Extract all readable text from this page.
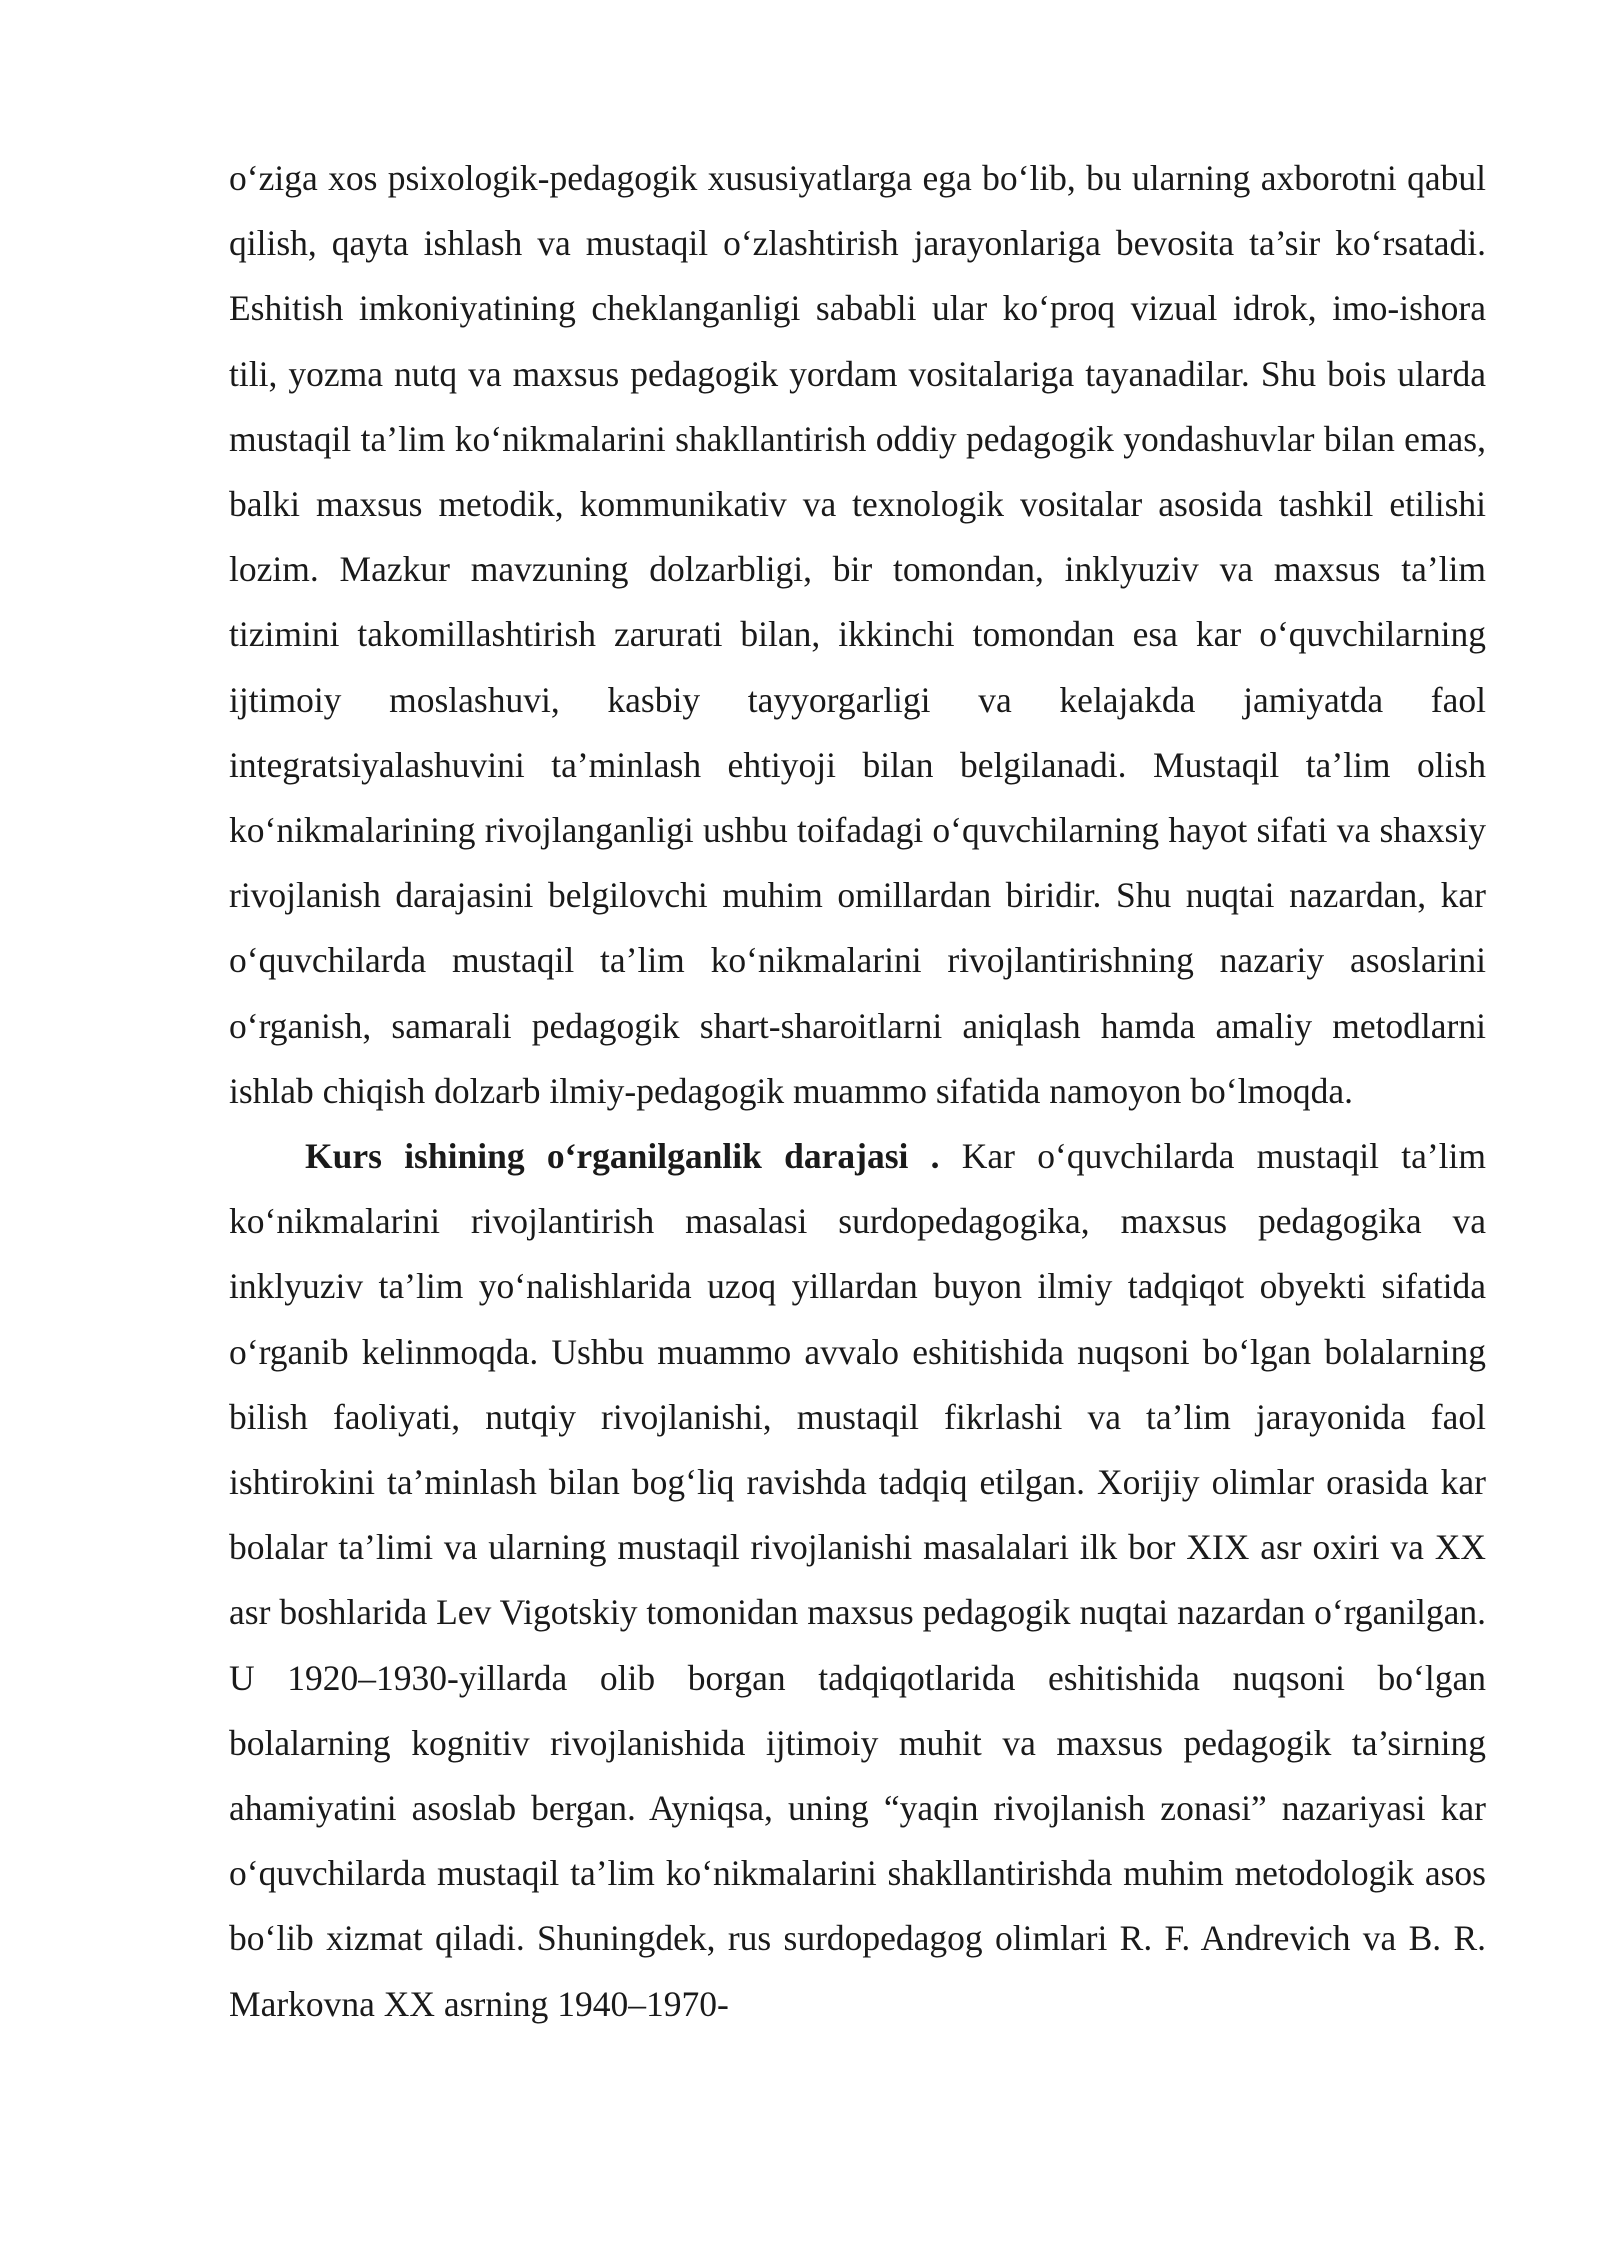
o‘ziga xos psixologik-pedagogik xususiyatlarga ega bo‘lib, bu ularning axborotni qabul qilish, qayta ishlash va mustaqil o‘zlashtirish jarayonlariga bevosita ta’sir ko‘rsatadi. Eshitish imkoniyatining cheklanganligi sababli ular ko‘proq vizual idrok, imo-ishora tili, yozma nutq va maxsus pedagogik yordam vositalariga tayanadilar. Shu bois ularda mustaqil ta’lim ko‘nikmalarini shakllantirish oddiy pedagogik yondashuvlar bilan emas, balki maxsus metodik, kommunikativ va texnologik vositalar asosida tashkil etilishi lozim. Mazkur mavzuning dolzarbligi, bir tomondan, inklyuziv va maxsus ta’lim tizimini takomillashtirish zarurati bilan, ikkinchi tomondan esa kar o‘quvchilarning ijtimoiy moslashuvi, kasbiy tayyorgarligi va kelajakda jamiyatda faol integratsiyalashuvini ta’minlash ehtiyoji bilan belgilanadi. Mustaqil ta’lim olish ko‘nikmalarining rivojlanganligi ushbu toifadagi o‘quvchilarning hayot sifati va shaxsiy rivojlanish darajasini belgilovchi muhim omillardan biridir. Shu nuqtai nazardan, kar o‘quvchilarda mustaqil ta’lim ko‘nikmalarini rivojlantirishning nazariy asoslarini o‘rganish, samarali pedagogik shart-sharoitlarni aniqlash hamda amaliy metodlarni ishlab chiqish dolzarb ilmiy-pedagogik muammo sifatida namoyon bo‘lmoqda.

Kurs ishining o‘rganilganlik darajasi . Kar o‘quvchilarda mustaqil ta’lim ko‘nikmalarini rivojlantirish masalasi surdopedagogika, maxsus pedagogika va inklyuziv ta’lim yo‘nalishlarida uzoq yillardan buyon ilmiy tadqiqot obyekti sifatida o‘rganib kelinmoqda. Ushbu muammo avvalo eshitishida nuqsoni bo‘lgan bolalarning bilish faoliyati, nutqiy rivojlanishi, mustaqil fikrlashi va ta’lim jarayonida faol ishtirokini ta’minlash bilan bog‘liq ravishda tadqiq etilgan. Xorijiy olimlar orasida kar bolalar ta’limi va ularning mustaqil rivojlanishi masalalari ilk bor XIX asr oxiri va XX asr boshlarida Lev Vigotskiy tomonidan maxsus pedagogik nuqtai nazardan o‘rganilgan. U 1920–1930-yillarda olib borgan tadqiqotlarida eshitishida nuqsoni bo‘lgan bolalarning kognitiv rivojlanishida ijtimoiy muhit va maxsus pedagogik ta’sirning ahamiyatini asoslab bergan. Ayniqsa, uning “yaqin rivojlanish zonasi” nazariyasi kar o‘quvchilarda mustaqil ta’lim ko‘nikmalarini shakllantirishda muhim metodologik asos bo‘lib xizmat qiladi. Shuningdek, rus surdopedagog olimlari R. F. Andrevich va B. R. Markovna XX asrning 1940–1970-
